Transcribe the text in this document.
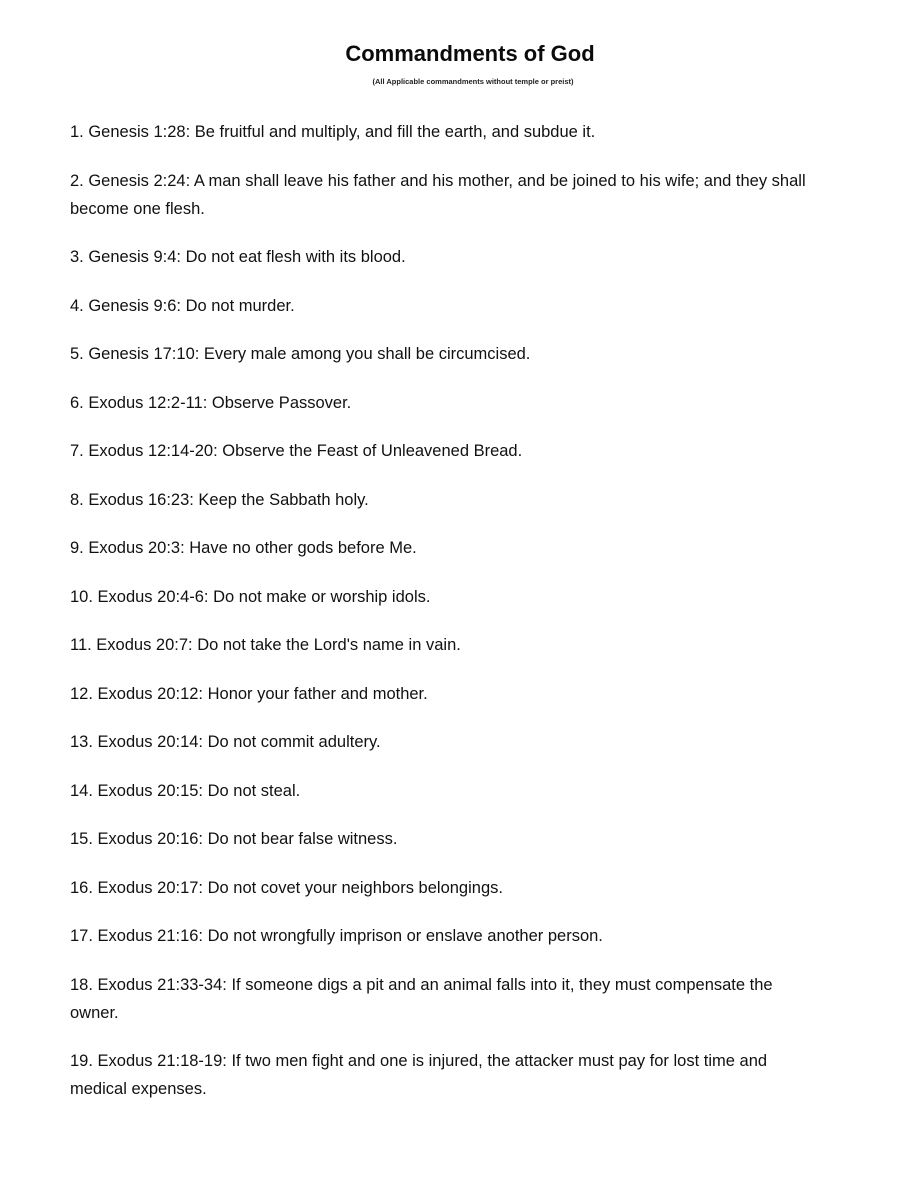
Commandments of God

(All Applicable commandments without temple or preist)

1. Genesis 1:28: Be fruitful and multiply, and fill the earth, and subdue it.
2. Genesis 2:24: A man shall leave his father and his mother, and be joined to his wife; and they shall become one flesh.
3. Genesis 9:4: Do not eat flesh with its blood.
4. Genesis 9:6: Do not murder.
5. Genesis 17:10: Every male among you shall be circumcised.
6. Exodus 12:2-11: Observe Passover.
7. Exodus 12:14-20: Observe the Feast of Unleavened Bread.
8. Exodus 16:23: Keep the Sabbath holy.
9. Exodus 20:3: Have no other gods before Me.
10. Exodus 20:4-6: Do not make or worship idols.
11. Exodus 20:7: Do not take the Lord's name in vain.
12. Exodus 20:12: Honor your father and mother.
13. Exodus 20:14: Do not commit adultery.
14. Exodus 20:15: Do not steal.
15. Exodus 20:16: Do not bear false witness.
16. Exodus 20:17: Do not covet your neighbors belongings.
17. Exodus 21:16: Do not wrongfully imprison or enslave another person.
18. Exodus 21:33-34: If someone digs a pit and an animal falls into it, they must compensate the owner.
19. Exodus 21:18-19: If two men fight and one is injured, the attacker must pay for lost time and medical expenses.
